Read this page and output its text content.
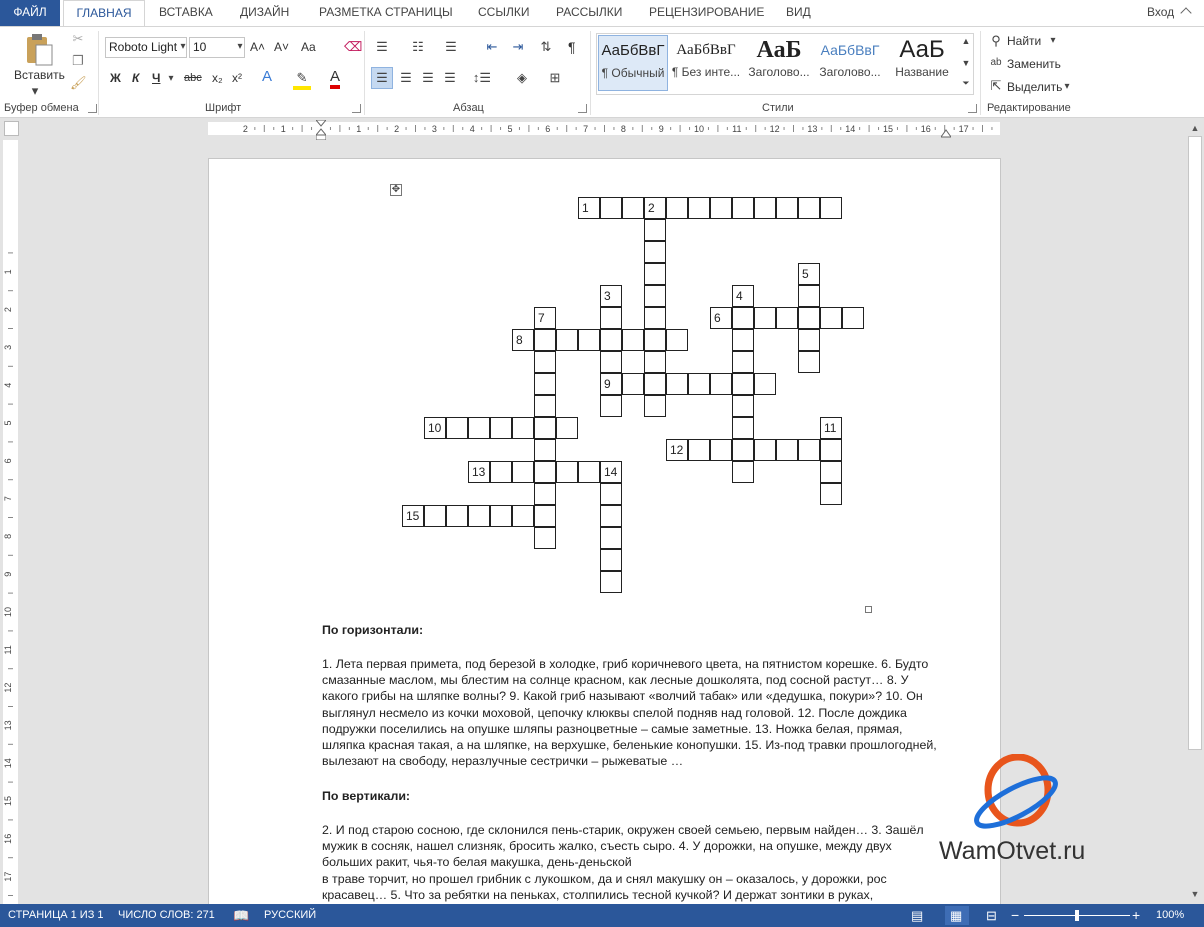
ФАЙЛ	ГЛАВНАЯ	ВСТАВКА ДИЗАЙН РАЗМЕТКА СТРАНИЦЫ ССЫЛКИ РАССЫЛКИ РЕЦЕНЗИРОВАНИЕ ВИД	Вход
Вставить
▾
✂
❐
🖌
Буфер обмена
Roboto Light	10
▾	▾ A˄ A˅ Aa ⌫
Ж К Ч ▾ abc x₂ x² A ✎ A
Шрифт
☰	☷	☰	⇤	⇥	⇅	¶
☰ ☰ ☰ ☰	↕☰	◈	⊞
Абзац
АаБбВвГ
¶ Обычный
АаБбВвГ
¶ Без инте...
АаБ
Заголово...
АаБбВвГ
Заголово...
АаБ
Название
▲
▼
⏷
Стили
⚲ Найти ▾
ab Заменить
⇱ Выделить ▾
Редактирование
2	1	1	2	3	4	5	6	7	8	9	10	11	12	13	14	15	16	17
1
2
3
4
5
6
7
8
9
10
11
12
13
14
15
16
17
▲
▼
✥
1	2
3
9
4
5
6
7
8
10	11
12
13	14
15
По горизонтали:
1. Лета первая примета, под березой в холодке, гриб коричневого цвета, на пятнистом корешке. 6. Будто смазанные маслом, мы блестим на солнце красном, как лесные дошколята, под сосной растут… 8. У какого грибы на шляпке волны? 9. Какой гриб называют «волчий табак» или «дедушка, покури»? 10. Он выглянул несмело из кочки моховой, цепочку клюквы спелой подняв над головой. 12. После дождика подружки поселились на опушке шляпы разноцветные – самые заметные. 13. Ножка белая, прямая, шляпка красная такая, а на шляпке, на верхушке, беленькие конопушки. 15. Из-под травки прошлогодней, вылезают на свободу, неразлучные сестрички – рыжеватые …
По вертикали:
2. И под старою сосною, где склонился пень-старик, окружен своей семьею, первым найден… 3. Зашёл мужик в сосняк, нашел слизняк, бросить жалко, съесть сыро. 4. У дорожки, на опушке, между двух больших ракит, чья-то белая макушка, день-деньской
в траве торчит, но прошел грибник с лукошком, да и снял макушку он – оказалось, у дорожки, рос красавец… 5. Что за ребятки на пеньках, столпились тесной кучкой? И держат зонтики в руках,
WamOtvet.ru
СТРАНИЦА 1 ИЗ 1 ЧИСЛО СЛОВ: 271 📖 РУССКИЙ	▤ ▦ ⊟ −	+ 100%
